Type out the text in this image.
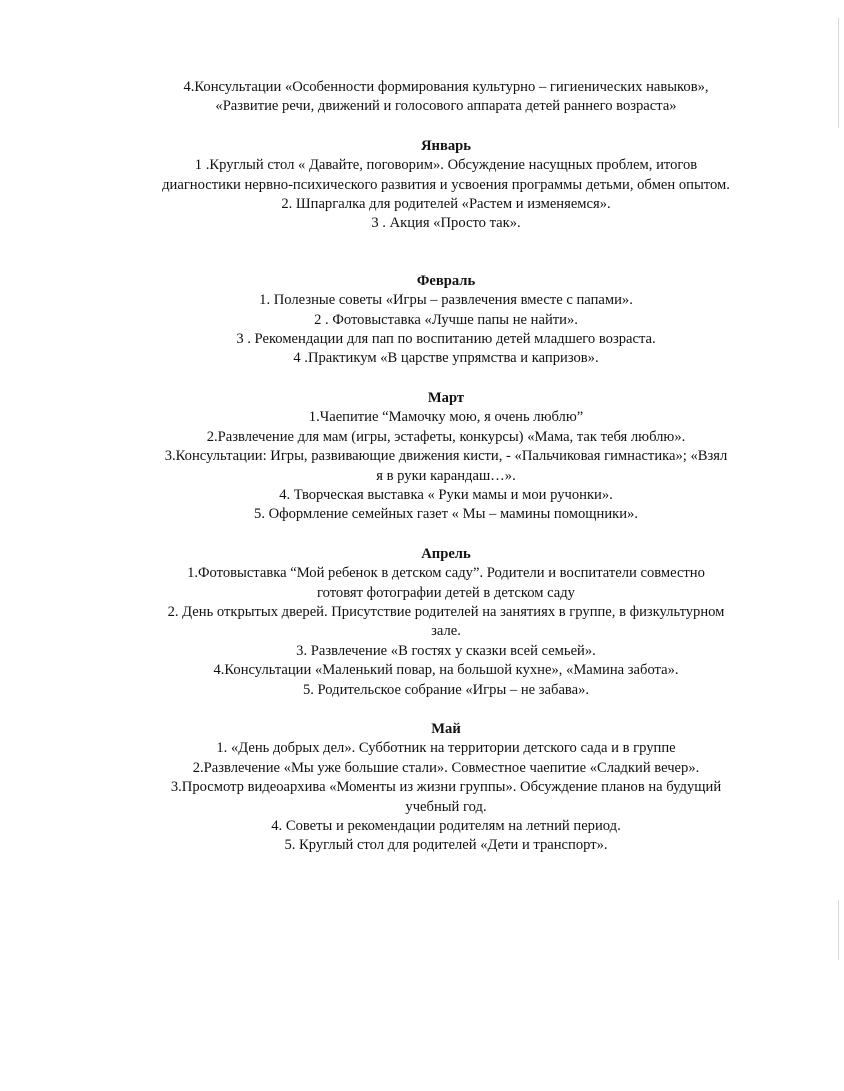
4.Консультации «Особенности формирования культурно – гигиенических навыков»,
«Развитие речи, движений и голосового аппарата детей раннего возраста»
Январь
1 .Круглый стол « Давайте, поговорим». Обсуждение насущных проблем, итогов
диагностики нервно-психического развития и усвоения программы детьми, обмен опытом.
2. Шпаргалка для родителей «Растем и изменяемся».
3 . Акция «Просто так».
Февраль
1. Полезные советы «Игры – развлечения вместе с папами».
2 . Фотовыставка «Лучше папы не найти».
3 . Рекомендации для пап по воспитанию детей младшего возраста.
4 .Практикум «В царстве упрямства и капризов».
Март
1.Чаепитие “Мамочку мою, я очень люблю”
2.Развлечение для мам (игры, эстафеты, конкурсы) «Мама, так тебя люблю».
3.Консультации: Игры, развивающие движения кисти, - «Пальчиковая гимнастика»; «Взял
я в руки карандаш…».
4. Творческая выставка « Руки мамы и мои ручонки».
5. Оформление семейных газет « Мы – мамины помощники».
Апрель
1.Фотовыставка “Мой ребенок в детском саду”. Родители и воспитатели совместно
готовят фотографии детей в детском саду
2. День открытых дверей. Присутствие родителей на занятиях в группе, в физкультурном
зале.
3. Развлечение «В гостях у сказки всей семьей».
4.Консультации «Маленький повар, на большой кухне», «Мамина забота».
5. Родительское собрание «Игры – не забава».
Май
1. «День добрых дел». Субботник на территории детского сада и в группе
2.Развлечение «Мы уже большие стали». Совместное чаепитие «Сладкий вечер».
3.Просмотр видеоархива «Моменты из жизни группы». Обсуждение планов на будущий
учебный год.
4. Советы и рекомендации родителям на летний период.
5. Круглый стол для родителей «Дети и транспорт».
